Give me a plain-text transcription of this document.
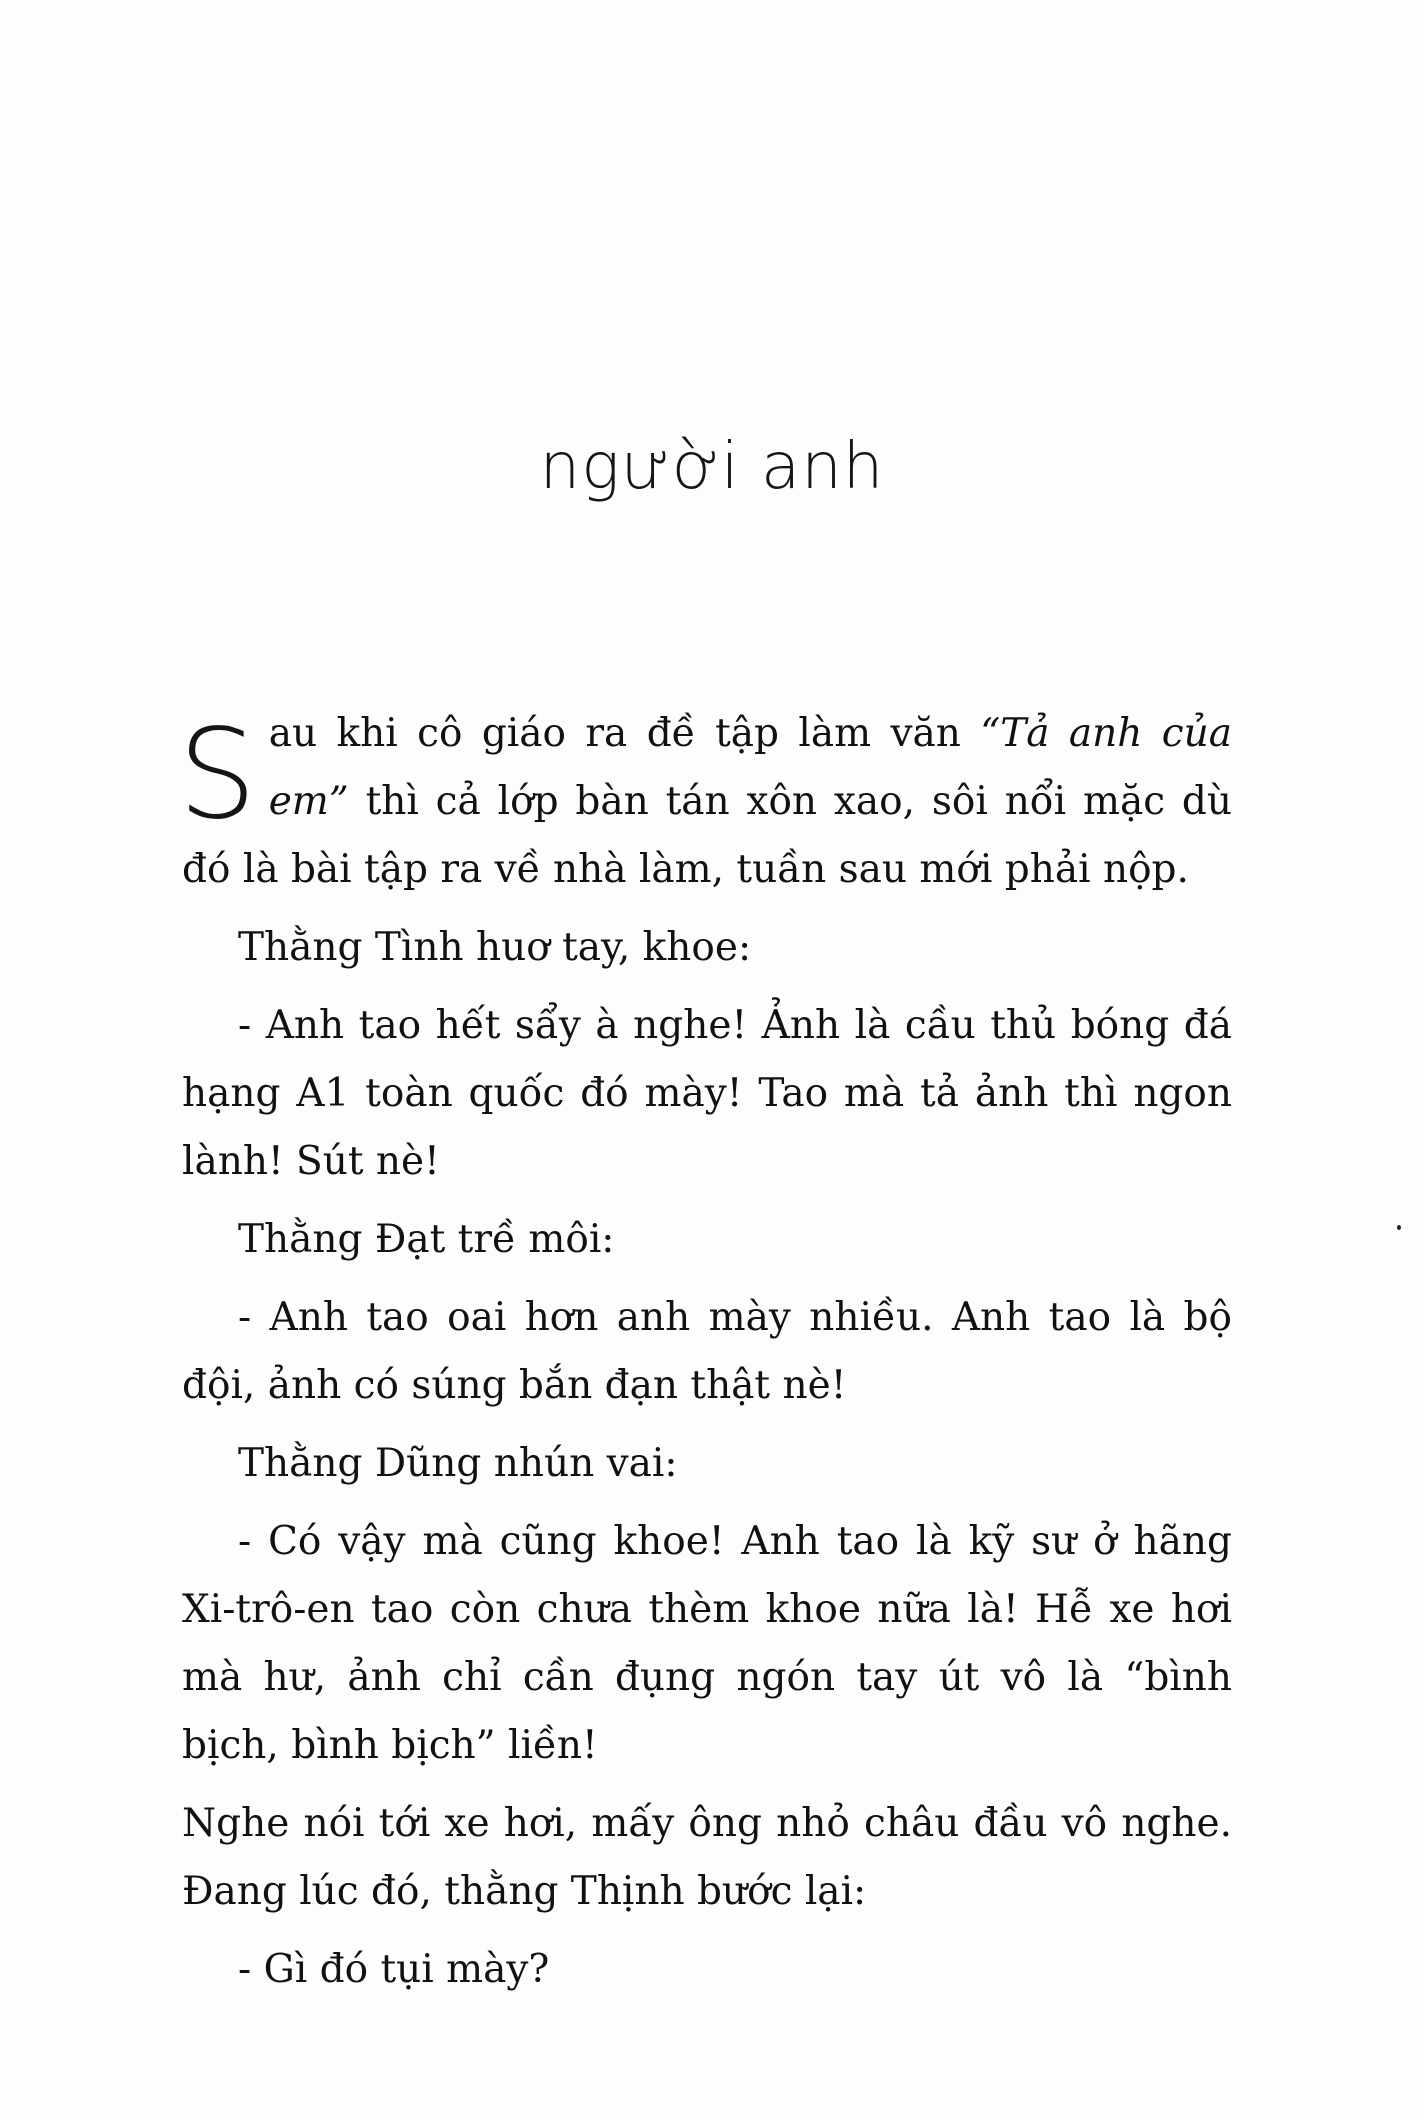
người anh

Sau khi cô giáo ra đề tập làm văn “Tả anh của em” thì cả lớp bàn tán xôn xao, sôi nổi mặc dù đó là bài tập ra về nhà làm, tuần sau mới phải nộp.

Thằng Tình huơ tay, khoe:

- Anh tao hết sẩy à nghe! Ảnh là cầu thủ bóng đá hạng A1 toàn quốc đó mày! Tao mà tả ảnh thì ngon lành! Sút nè!

Thằng Đạt trề môi:

- Anh tao oai hơn anh mày nhiều. Anh tao là bộ đội, ảnh có súng bắn đạn thật nè!

Thằng Dũng nhún vai:

- Có vậy mà cũng khoe! Anh tao là kỹ sư ở hãng Xi-trô-en tao còn chưa thèm khoe nữa là! Hễ xe hơi mà hư, ảnh chỉ cần đụng ngón tay út vô là “bình bịch, bình bịch” liền!

Nghe nói tới xe hơi, mấy ông nhỏ châu đầu vô nghe. Đang lúc đó, thằng Thịnh bước lại:

- Gì đó tụi mày?
